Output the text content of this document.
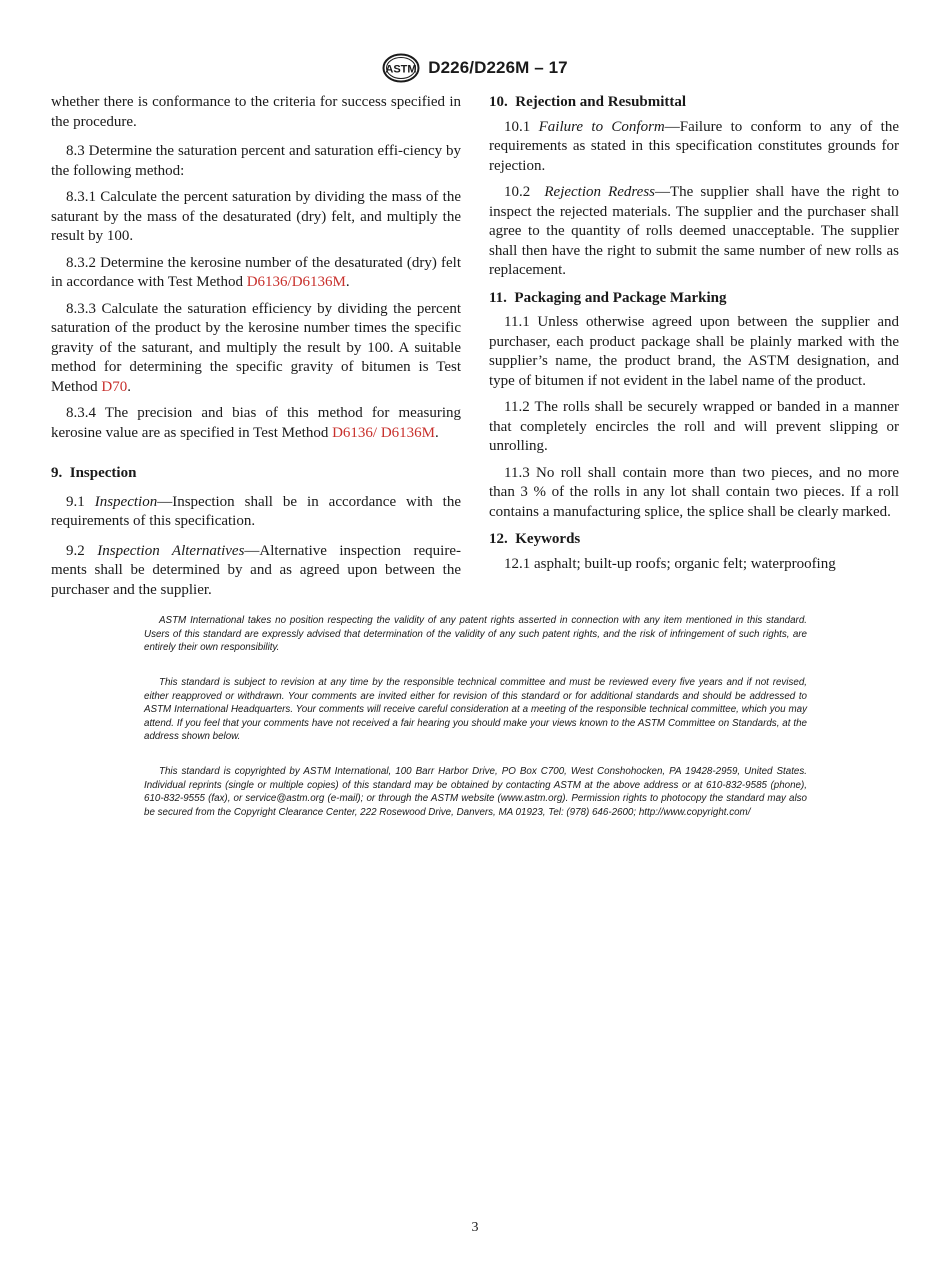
ASTM D226/D226M – 17

whether there is conformance to the criteria for success specified in the procedure.

8.3 Determine the saturation percent and saturation effi-ciency by the following method:

8.3.1 Calculate the percent saturation by dividing the mass of the saturant by the mass of the desaturated (dry) felt, and multiply the result by 100.

8.3.2 Determine the kerosine number of the desaturated (dry) felt in accordance with Test Method D6136/D6136M.

8.3.3 Calculate the saturation efficiency by dividing the percent saturation of the product by the kerosine number times the specific gravity of the saturant, and multiply the result by 100. A suitable method for determining the specific gravity of bitumen is Test Method D70.

8.3.4 The precision and bias of this method for measuring kerosine value are as specified in Test Method D6136/ D6136M.

9.  Inspection

9.1 Inspection—Inspection shall be in accordance with the requirements of this specification.

9.2 Inspection Alternatives—Alternative inspection require-ments shall be determined by and as agreed upon between the purchaser and the supplier.

10.  Rejection and Resubmittal

10.1 Failure to Conform—Failure to conform to any of the requirements as stated in this specification constitutes grounds for rejection.

10.2  Rejection Redress—The supplier shall have the right to inspect the rejected materials. The supplier and the purchaser shall agree to the quantity of rolls deemed unacceptable. The supplier shall then have the right to submit the same number of new rolls as replacement.

11.  Packaging and Package Marking

11.1 Unless otherwise agreed upon between the supplier and purchaser, each product package shall be plainly marked with the supplier’s name, the product brand, the ASTM designation, and type of bitumen if not evident in the label name of the product.

11.2 The rolls shall be securely wrapped or banded in a manner that completely encircles the roll and will prevent slipping or unrolling.

11.3 No roll shall contain more than two pieces, and no more than 3 % of the rolls in any lot shall contain two pieces. If a roll contains a manufacturing splice, the splice shall be clearly marked.

12.  Keywords

12.1 asphalt; built-up roofs; organic felt; waterproofing

ASTM International takes no position respecting the validity of any patent rights asserted in connection with any item mentioned in this standard. Users of this standard are expressly advised that determination of the validity of any such patent rights, and the risk of infringement of such rights, are entirely their own responsibility.

This standard is subject to revision at any time by the responsible technical committee and must be reviewed every five years and if not revised, either reapproved or withdrawn. Your comments are invited either for revision of this standard or for additional standards and should be addressed to ASTM International Headquarters. Your comments will receive careful consideration at a meeting of the responsible technical committee, which you may attend. If you feel that your comments have not received a fair hearing you should make your views known to the ASTM Committee on Standards, at the address shown below.

This standard is copyrighted by ASTM International, 100 Barr Harbor Drive, PO Box C700, West Conshohocken, PA 19428-2959, United States. Individual reprints (single or multiple copies) of this standard may be obtained by contacting ASTM at the above address or at 610-832-9585 (phone), 610-832-9555 (fax), or service@astm.org (e-mail); or through the ASTM website (www.astm.org). Permission rights to photocopy the standard may also be secured from the Copyright Clearance Center, 222 Rosewood Drive, Danvers, MA 01923, Tel: (978) 646-2600; http://www.copyright.com/

3
